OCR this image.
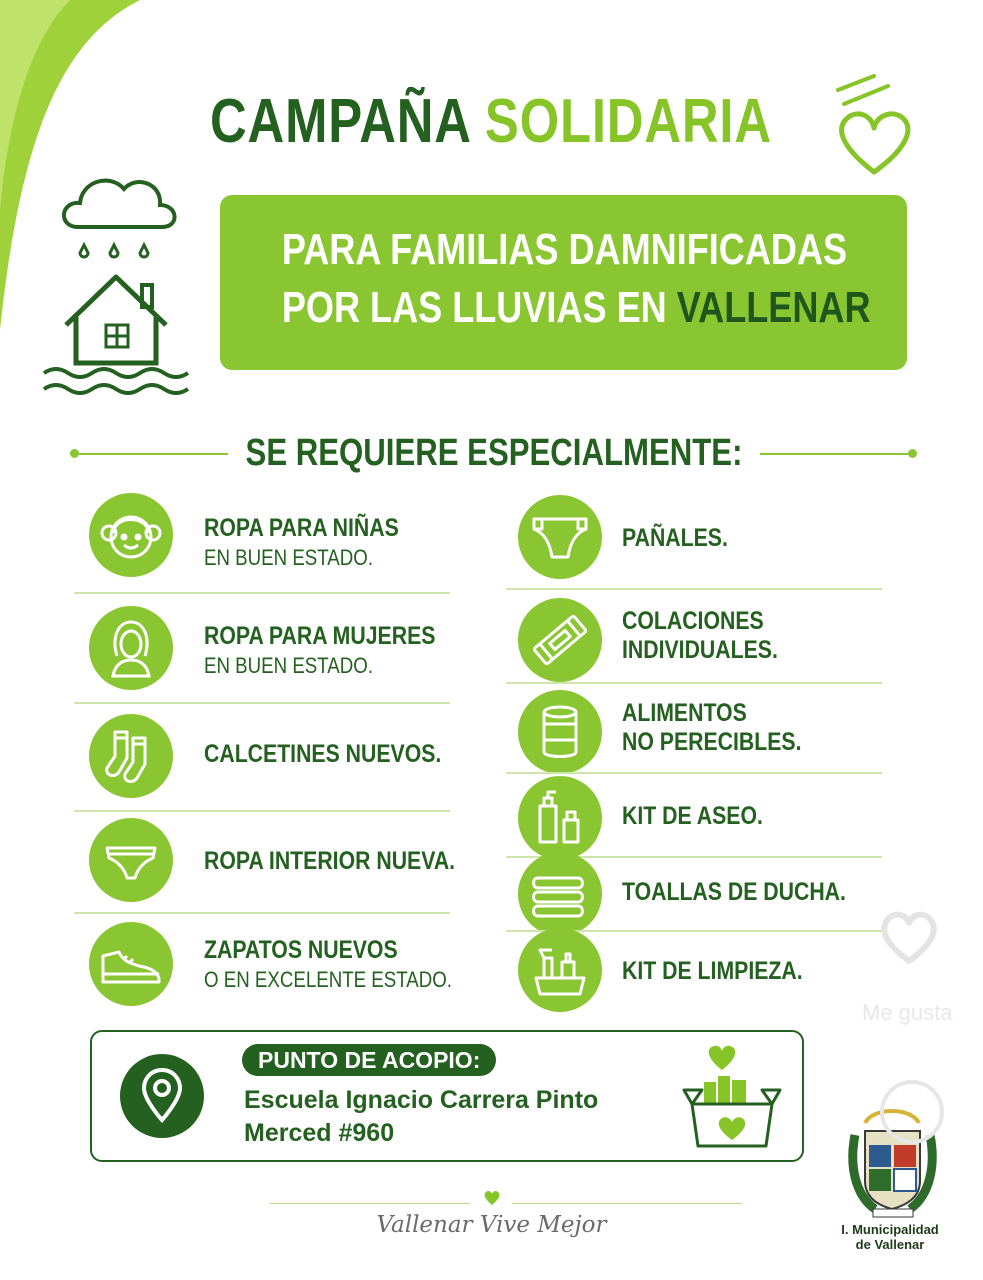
CAMPAÑA SOLIDARIA
PARA FAMILIAS DAMNIFICADAS
POR LAS LLUVIAS EN VALLENAR
SE REQUIERE ESPECIALMENTE:
ROPA PARA NIÑAS
EN BUEN ESTADO.
ROPA PARA MUJERES
EN BUEN ESTADO.
CALCETINES NUEVOS.
ROPA INTERIOR NUEVA.
ZAPATOS NUEVOS
O EN EXCELENTE ESTADO.
PAÑALES.
COLACIONES
INDIVIDUALES.
ALIMENTOS
NO PERECIBLES.
KIT DE ASEO.
TOALLAS DE DUCHA.
KIT DE LIMPIEZA.
PUNTO DE ACOPIO:
Escuela Ignacio Carrera Pinto
Merced #960
Vallenar Vive Mejor	I. Municipalidad
de Vallenar
Me gusta
